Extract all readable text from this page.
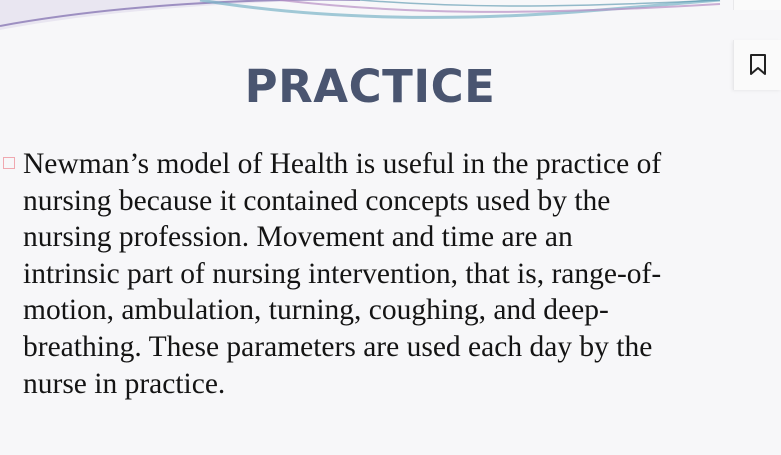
PRACTICE

Newman’s model of Health is useful in the practice of
nursing because it contained concepts used by the
nursing profession. Movement and time are an
intrinsic part of nursing intervention, that is, range-of-
motion, ambulation, turning, coughing, and deep-
breathing. These parameters are used each day by the
nurse in practice.
